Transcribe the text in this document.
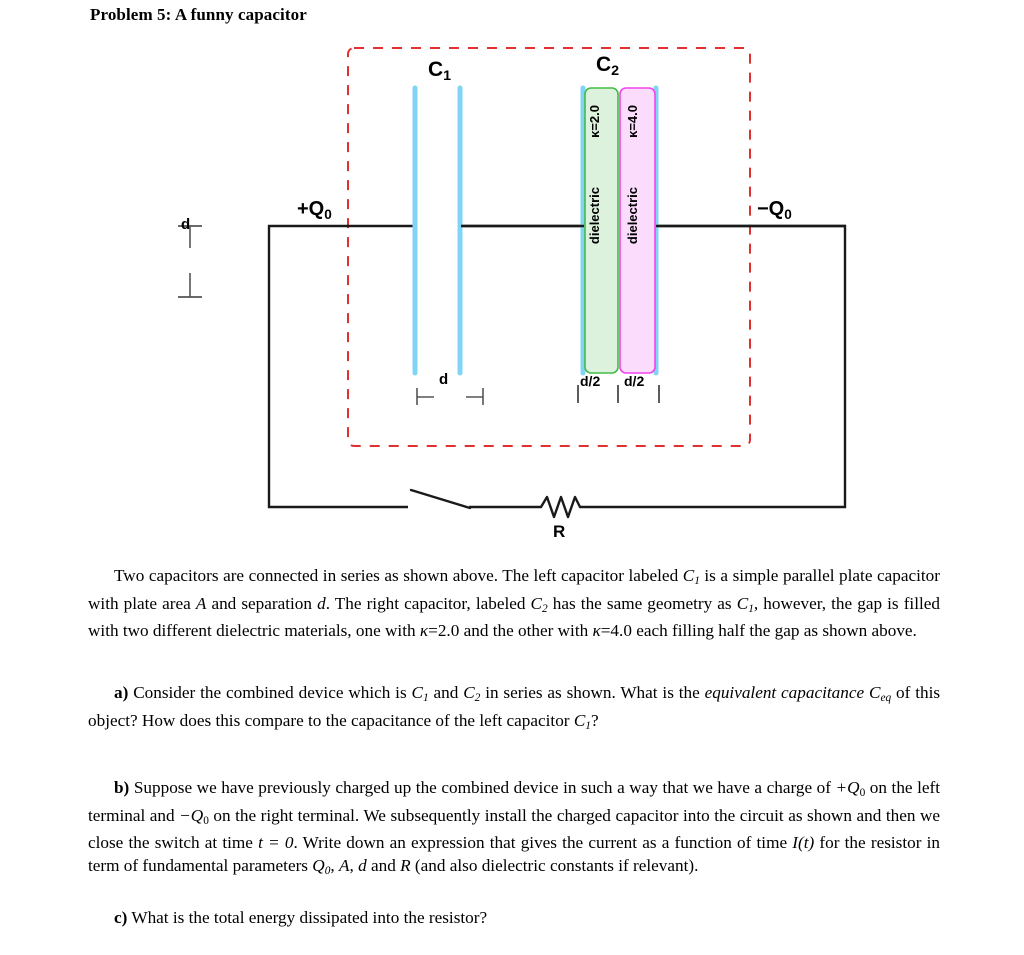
Problem 5: A funny capacitor
$C_1$	$C_2$
$+Q_0$	$-Q_0$
d
d	d/2 d/2
R
κ=2.0 κ=4.0
dielectric dielectric
Two capacitors are connected in series as shown above. The left capacitor labeled $C_1$ is a simple parallel plate capacitor with plate area A and separation d. The right capacitor, labeled $C_2$ has the same geometry as $C_1$, however, the gap is filled with two different dielectric materials, one with κ=2.0 and the other with κ=4.0 each filling half the gap as shown above.
a) Consider the combined device which is $C_1$ and $C_2$ in series as shown. What is the equivalent capacitance $C_{eq}$ of this object? How does this compare to the capacitance of the left capacitor $C_1$?
b) Suppose we have previously charged up the combined device in such a way that we have a charge of $+Q_0$ on the left terminal and $-Q_0$ on the right terminal. We subsequently install the charged capacitor into the circuit as shown and then we close the switch at time t = 0. Write down an expression that gives the current as a function of time I(t) for the resistor in term of fundamental parameters $Q_0$, A, d and R (and also dielectric constants if relevant).
c) What is the total energy dissipated into the resistor?
